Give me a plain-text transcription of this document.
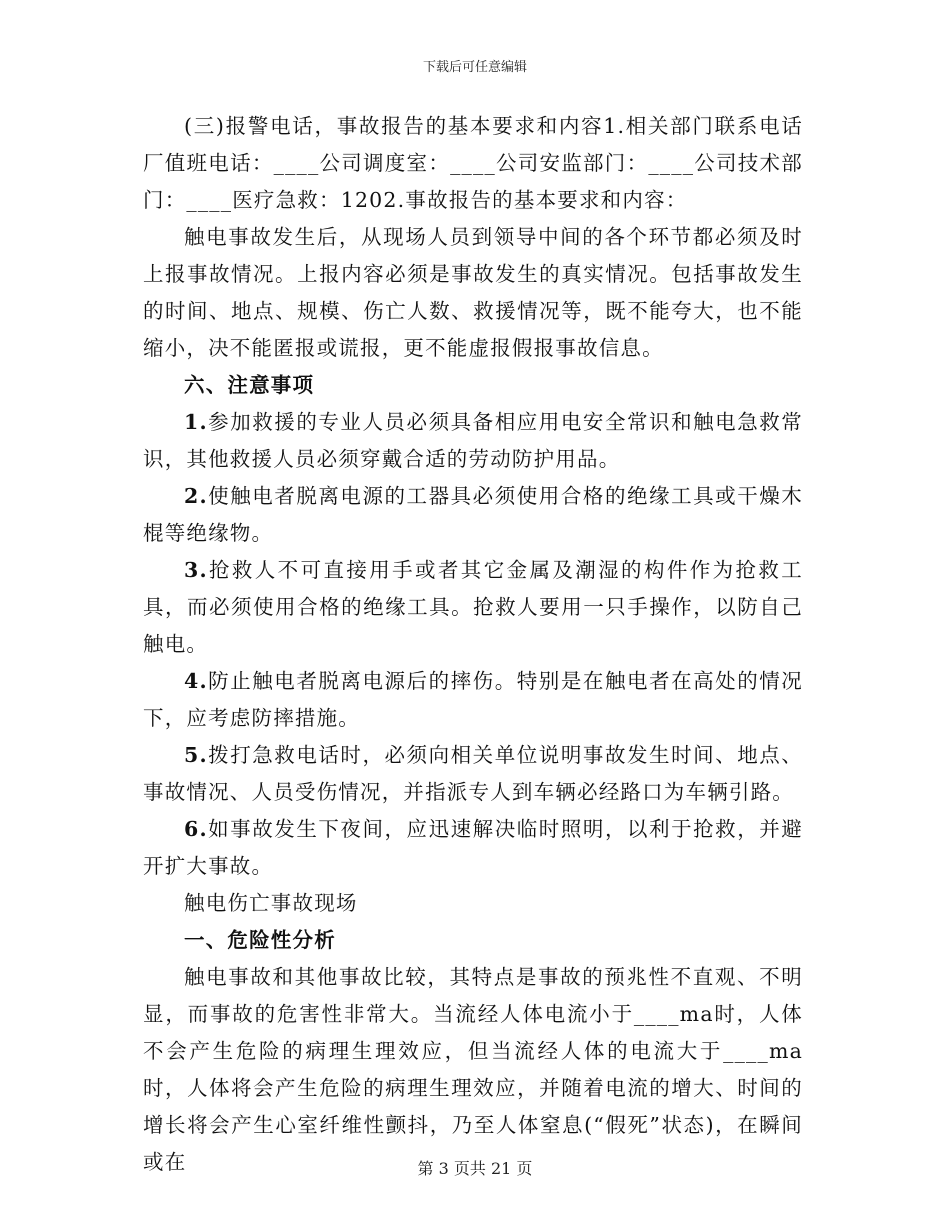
下载后可任意编辑

(三)报警电话，事故报告的基本要求和内容1.相关部门联系电话厂值班电话：____公司调度室：____公司安监部门：____公司技术部门：____医疗急救：1202.事故报告的基本要求和内容：

触电事故发生后，从现场人员到领导中间的各个环节都必须及时上报事故情况。上报内容必须是事故发生的真实情况。包括事故发生的时间、地点、规模、伤亡人数、救援情况等，既不能夸大，也不能缩小，决不能匿报或谎报，更不能虚报假报事故信息。

六、注意事项

1.参加救援的专业人员必须具备相应用电安全常识和触电急救常识，其他救援人员必须穿戴合适的劳动防护用品。

2.使触电者脱离电源的工器具必须使用合格的绝缘工具或干燥木棍等绝缘物。

3.抢救人不可直接用手或者其它金属及潮湿的构件作为抢救工具，而必须使用合格的绝缘工具。抢救人要用一只手操作，以防自己触电。

4.防止触电者脱离电源后的摔伤。特别是在触电者在高处的情况下，应考虑防摔措施。

5.拨打急救电话时，必须向相关单位说明事故发生时间、地点、事故情况、人员受伤情况，并指派专人到车辆必经路口为车辆引路。

6.如事故发生下夜间，应迅速解决临时照明，以利于抢救，并避开扩大事故。

触电伤亡事故现场

一、危险性分析

触电事故和其他事故比较，其特点是事故的预兆性不直观、不明显，而事故的危害性非常大。当流经人体电流小于____ma时，人体不会产生危险的病理生理效应，但当流经人体的电流大于____ma时，人体将会产生危险的病理生理效应，并随着电流的增大、时间的增长将会产生心室纤维性颤抖，乃至人体窒息(“假死”状态)，在瞬间或在	第 3 页共 21 页
